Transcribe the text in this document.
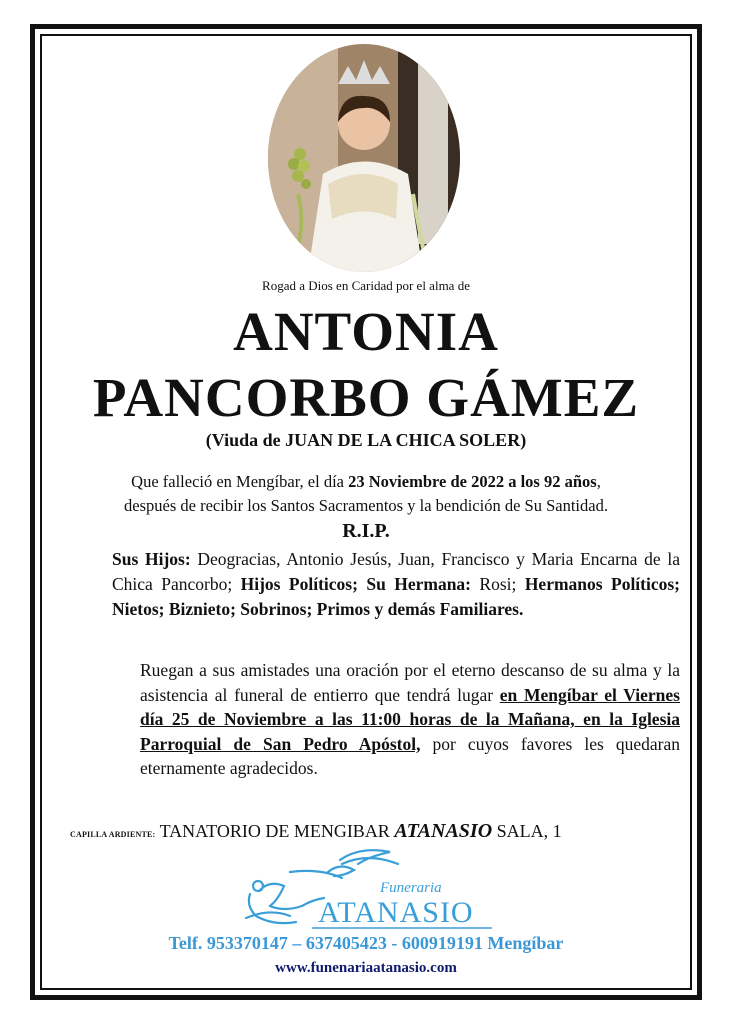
Rogad a Dios en Caridad por el alma de
ANTONIA
PANCORBO GÁMEZ
(Viuda de JUAN DE LA CHICA SOLER)
Que falleció en Mengíbar, el día 23 Noviembre de 2022 a los 92 años,
después de recibir los Santos Sacramentos y la bendición de Su Santidad.
R.I.P.
Sus Hijos: Deogracias, Antonio Jesús, Juan, Francisco y Maria Encarna de la Chica Pancorbo; Hijos Políticos; Su Hermana: Rosi; Hermanos Políticos; Nietos; Biznieto; Sobrinos; Primos y demás Familiares.
Ruegan a sus amistades una oración por el eterno descanso de su alma y la asistencia al funeral de entierro que tendrá lugar en Mengíbar el Viernes día 25 de Noviembre a las 11:00 horas de la Mañana, en la Iglesia Parroquial de San Pedro Apóstol, por cuyos favores les quedaran eternamente agradecidos.
CAPILLA ARDIENTE: TANATORIO DE MENGIBAR ATANASIO SALA, 1
Funeraria
ATANASIO
Telf. 953370147 – 637405423 - 600919191 Mengíbar
www.funenariaatanasio.com
